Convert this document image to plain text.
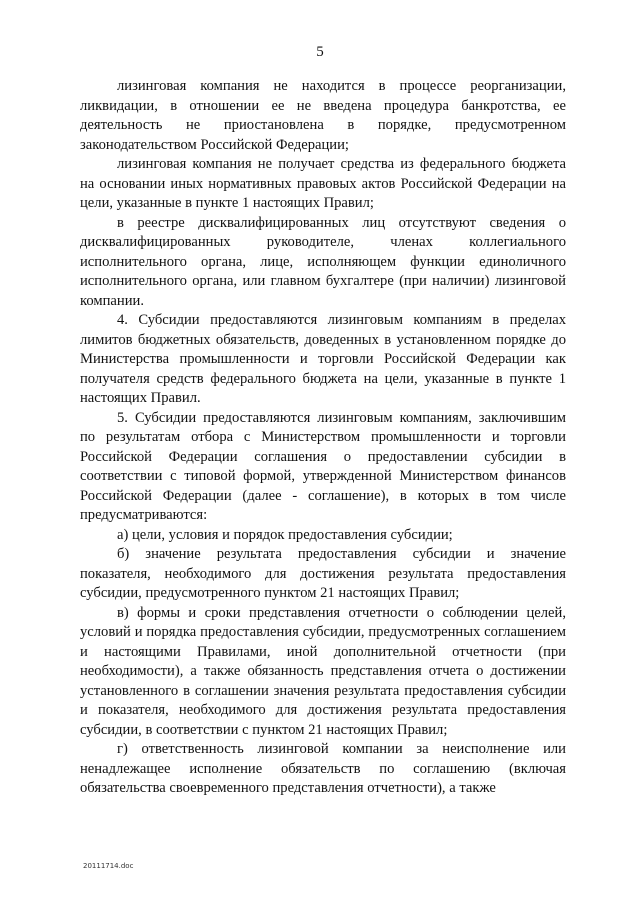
5

лизинговая компания не находится в процессе реорганизации, ликвидации, в отношении ее не введена процедура банкротства, ее деятельность не приостановлена в порядке, предусмотренном законодательством Российской Федерации;

лизинговая компания не получает средства из федерального бюджета на основании иных нормативных правовых актов Российской Федерации на цели, указанные в пункте 1 настоящих Правил;

в реестре дисквалифицированных лиц отсутствуют сведения о дисквалифицированных руководителе, членах коллегиального исполнительного органа, лице, исполняющем функции единоличного исполнительного органа, или главном бухгалтере (при наличии) лизинговой компании.

4. Субсидии предоставляются лизинговым компаниям в пределах лимитов бюджетных обязательств, доведенных в установленном порядке до Министерства промышленности и торговли Российской Федерации как получателя средств федерального бюджета на цели, указанные в пункте 1 настоящих Правил.

5. Субсидии предоставляются лизинговым компаниям, заключившим по результатам отбора с Министерством промышленности и торговли Российской Федерации соглашения о предоставлении субсидии в соответствии с типовой формой, утвержденной Министерством финансов Российской Федерации (далее - соглашение), в которых в том числе предусматриваются:

а) цели, условия и порядок предоставления субсидии;

б) значение результата предоставления субсидии и значение показателя, необходимого для достижения результата предоставления субсидии, предусмотренного пунктом 21 настоящих Правил;

в) формы и сроки представления отчетности о соблюдении целей, условий и порядка предоставления субсидии, предусмотренных соглашением и настоящими Правилами, иной дополнительной отчетности (при необходимости), а также обязанность представления отчета о достижении установленного в соглашении значения результата предоставления субсидии и показателя, необходимого для достижения результата предоставления субсидии, в соответствии с пунктом 21 настоящих Правил;

г) ответственность лизинговой компании за неисполнение или ненадлежащее исполнение обязательств по соглашению (включая обязательства своевременного представления отчетности), а также

20111714.doc
